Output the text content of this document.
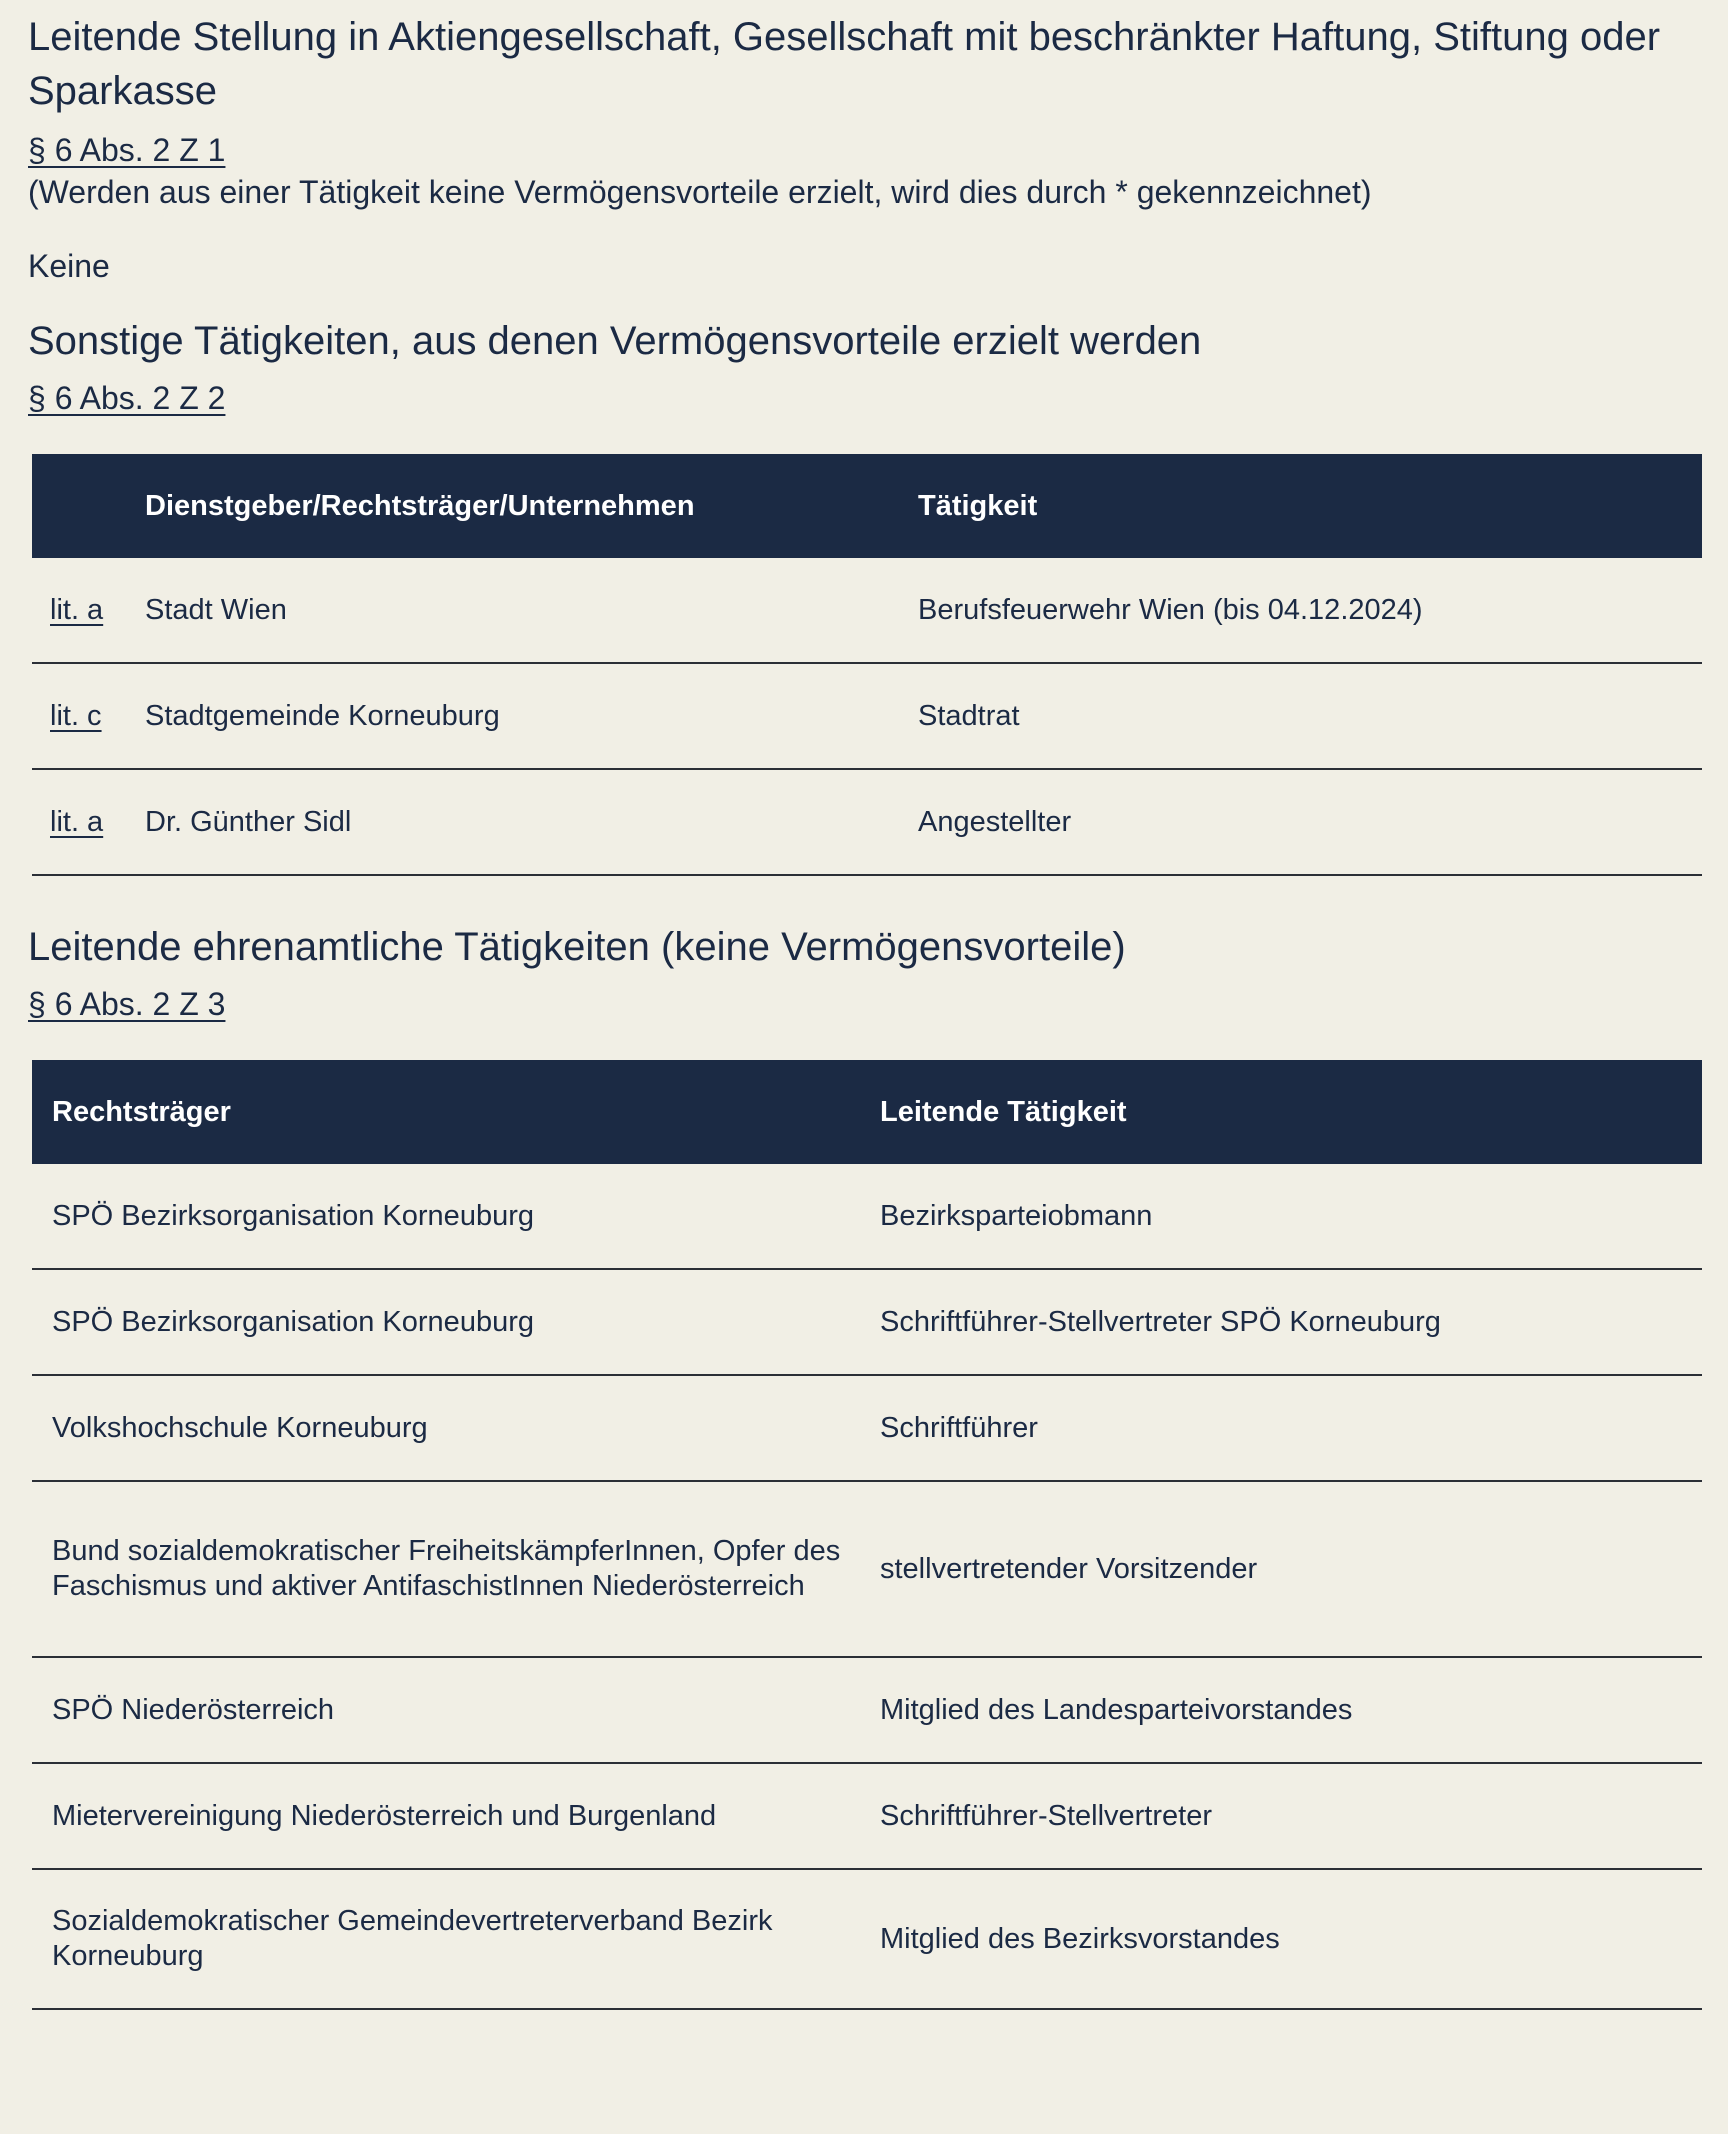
Leitende Stellung in Aktiengesellschaft, Gesellschaft mit beschränkter Haftung, Stiftung oder Sparkasse
§ 6 Abs. 2 Z 1
(Werden aus einer Tätigkeit keine Vermögensvorteile erzielt, wird dies durch * gekennzeichnet)
Keine
Sonstige Tätigkeiten, aus denen Vermögensvorteile erzielt werden
§ 6 Abs. 2 Z 2
	Dienstgeber/Rechtsträger/Unternehmen	Tätigkeit
lit. a	Stadt Wien	Berufsfeuerwehr Wien (bis 04.12.2024)
lit. c	Stadtgemeinde Korneuburg	Stadtrat
lit. a	Dr. Günther Sidl	Angestellter
Leitende ehrenamtliche Tätigkeiten (keine Vermögensvorteile)
§ 6 Abs. 2 Z 3
Rechtsträger	Leitende Tätigkeit
SPÖ Bezirksorganisation Korneuburg	Bezirksparteiobmann
SPÖ Bezirksorganisation Korneuburg	Schriftführer-Stellvertreter SPÖ Korneuburg
Volkshochschule Korneuburg	Schriftführer
Bund sozialdemokratischer FreiheitskämpferInnen, Opfer des Faschismus und aktiver AntifaschistInnen Niederösterreich	stellvertretender Vorsitzender
SPÖ Niederösterreich	Mitglied des Landesparteivorstandes
Mietervereinigung Niederösterreich und Burgenland	Schriftführer-Stellvertreter
Sozialdemokratischer Gemeindevertreterverband Bezirk Korneuburg	Mitglied des Bezirksvorstandes
